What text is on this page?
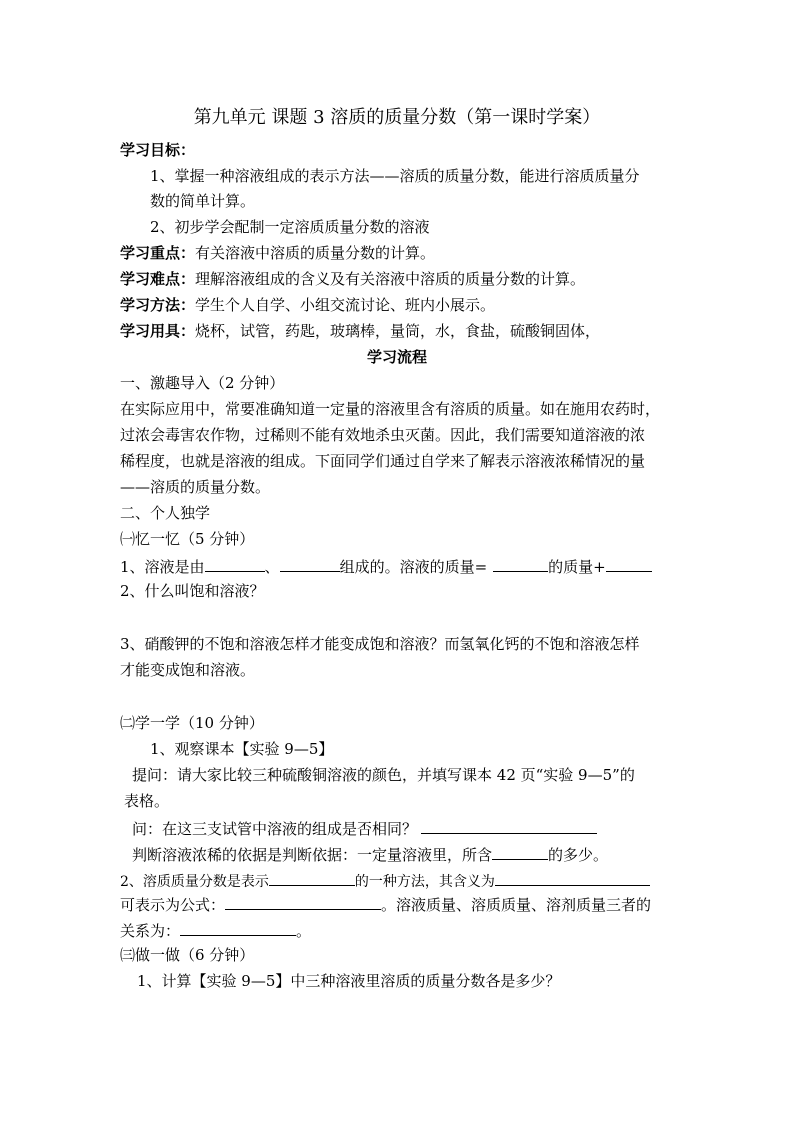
第九单元 课题 3 溶质的质量分数（第一课时学案）
学习目标：
1、掌握一种溶液组成的表示方法——溶质的质量分数，能进行溶质质量分
数的简单计算。
2、初步学会配制一定溶质质量分数的溶液
学习重点：有关溶液中溶质的质量分数的计算。
学习难点：理解溶液组成的含义及有关溶液中溶质的质量分数的计算。
学习方法：学生个人自学、小组交流讨论、班内小展示。
学习用具：烧杯，试管，药匙，玻璃棒，量筒，水，食盐，硫酸铜固体，
学习流程
一、激趣导入（2 分钟）
在实际应用中，常要准确知道一定量的溶液里含有溶质的质量。如在施用农药时，
过浓会毒害农作物，过稀则不能有效地杀虫灭菌。因此，我们需要知道溶液的浓
稀程度，也就是溶液的组成。下面同学们通过自学来了解表示溶液浓稀情况的量
——溶质的质量分数。
二、个人独学
㈠忆一忆（5 分钟）
1、溶液是由	、	组成的。溶液的质量=	的质量+
2、什么叫饱和溶液？
3、硝酸钾的不饱和溶液怎样才能变成饱和溶液？而氢氧化钙的不饱和溶液怎样
才能变成饱和溶液。
㈡学一学（10 分钟）
1、观察课本【实验 9—5】
提问：请大家比较三种硫酸铜溶液的颜色，并填写课本 42 页“实验 9—5”的
表格。
问：在这三支试管中溶液的组成是否相同？
判断溶液浓稀的依据是判断依据：一定量溶液里，所含	的多少。
2、溶质质量分数是表示	的一种方法，其含义为
可表示为公式：	。溶液质量、溶质质量、溶剂质量三者的
关系为：	。
㈢做一做（6 分钟）
1、计算【实验 9—5】中三种溶液里溶质的质量分数各是多少？
